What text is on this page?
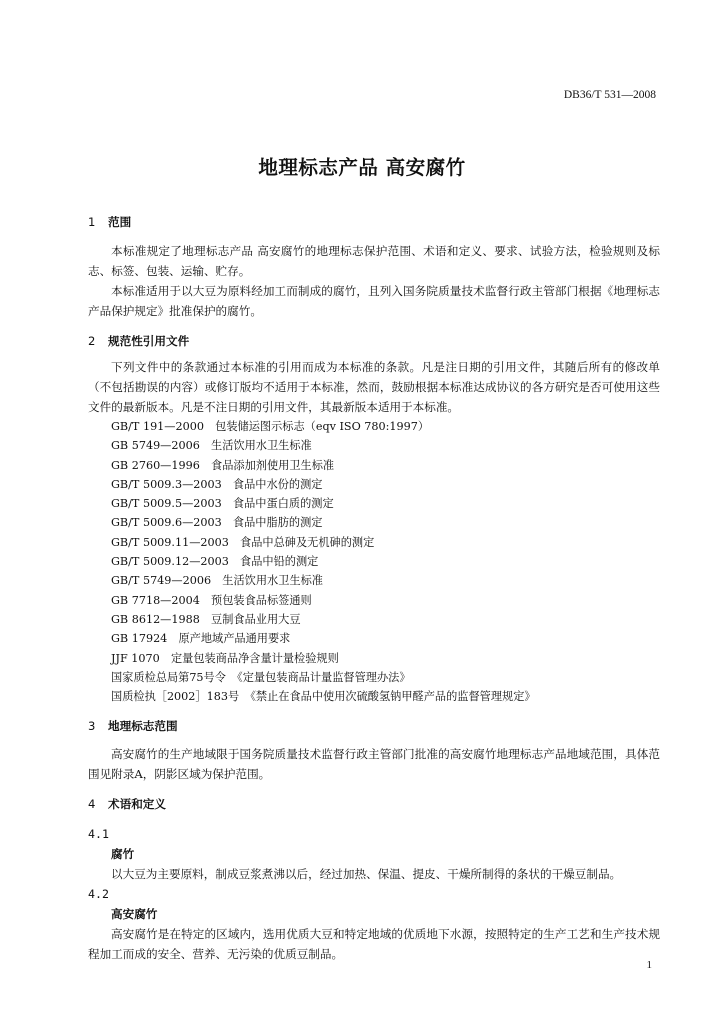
DB36/T 531—2008
地理标志产品 高安腐竹

1 范围

本标准规定了地理标志产品 高安腐竹的地理标志保护范围、术语和定义、要求、试验方法，检验规则及标志、标签、包装、运输、贮存。

本标准适用于以大豆为原料经加工而制成的腐竹，且列入国务院质量技术监督行政主管部门根据《地理标志产品保护规定》批准保护的腐竹。

2 规范性引用文件

下列文件中的条款通过本标准的引用而成为本标准的条款。凡是注日期的引用文件，其随后所有的修改单（不包括勘误的内容）或修订版均不适用于本标准，然而，鼓励根据本标准达成协议的各方研究是否可使用这些文件的最新版本。凡是不注日期的引用文件，其最新版本适用于本标准。

GB/T 191—2000　包装储运图示标志（eqv ISO 780:1997）
GB 5749—2006　生活饮用水卫生标准
GB 2760—1996　食品添加剂使用卫生标准
GB/T 5009.3—2003　食品中水份的测定
GB/T 5009.5—2003　食品中蛋白质的测定
GB/T 5009.6—2003　食品中脂肪的测定
GB/T 5009.11—2003　食品中总砷及无机砷的测定
GB/T 5009.12—2003　食品中铅的测定
GB/T 5749—2006　生活饮用水卫生标准
GB 7718—2004　预包装食品标签通则
GB 8612—1988　豆制食品业用大豆
GB 17924　原产地域产品通用要求
JJF 1070　定量包装商品净含量计量检验规则
国家质检总局第75号令　《定量包装商品计量监督管理办法》
国质检执［2002］183号　《禁止在食品中使用次硫酸氢钠甲醛产品的监督管理规定》

3 地理标志范围

高安腐竹的生产地域限于国务院质量技术监督行政主管部门批准的高安腐竹地理标志产品地域范围，具体范围见附录A，阴影区域为保护范围。

4 术语和定义

4.1

腐竹

以大豆为主要原料，制成豆浆煮沸以后，经过加热、保温、提皮、干燥所制得的条状的干燥豆制品。

4.2

高安腐竹

高安腐竹是在特定的区域内，选用优质大豆和特定地域的优质地下水源，按照特定的生产工艺和生产技术规程加工而成的安全、营养、无污染的优质豆制品。

1
